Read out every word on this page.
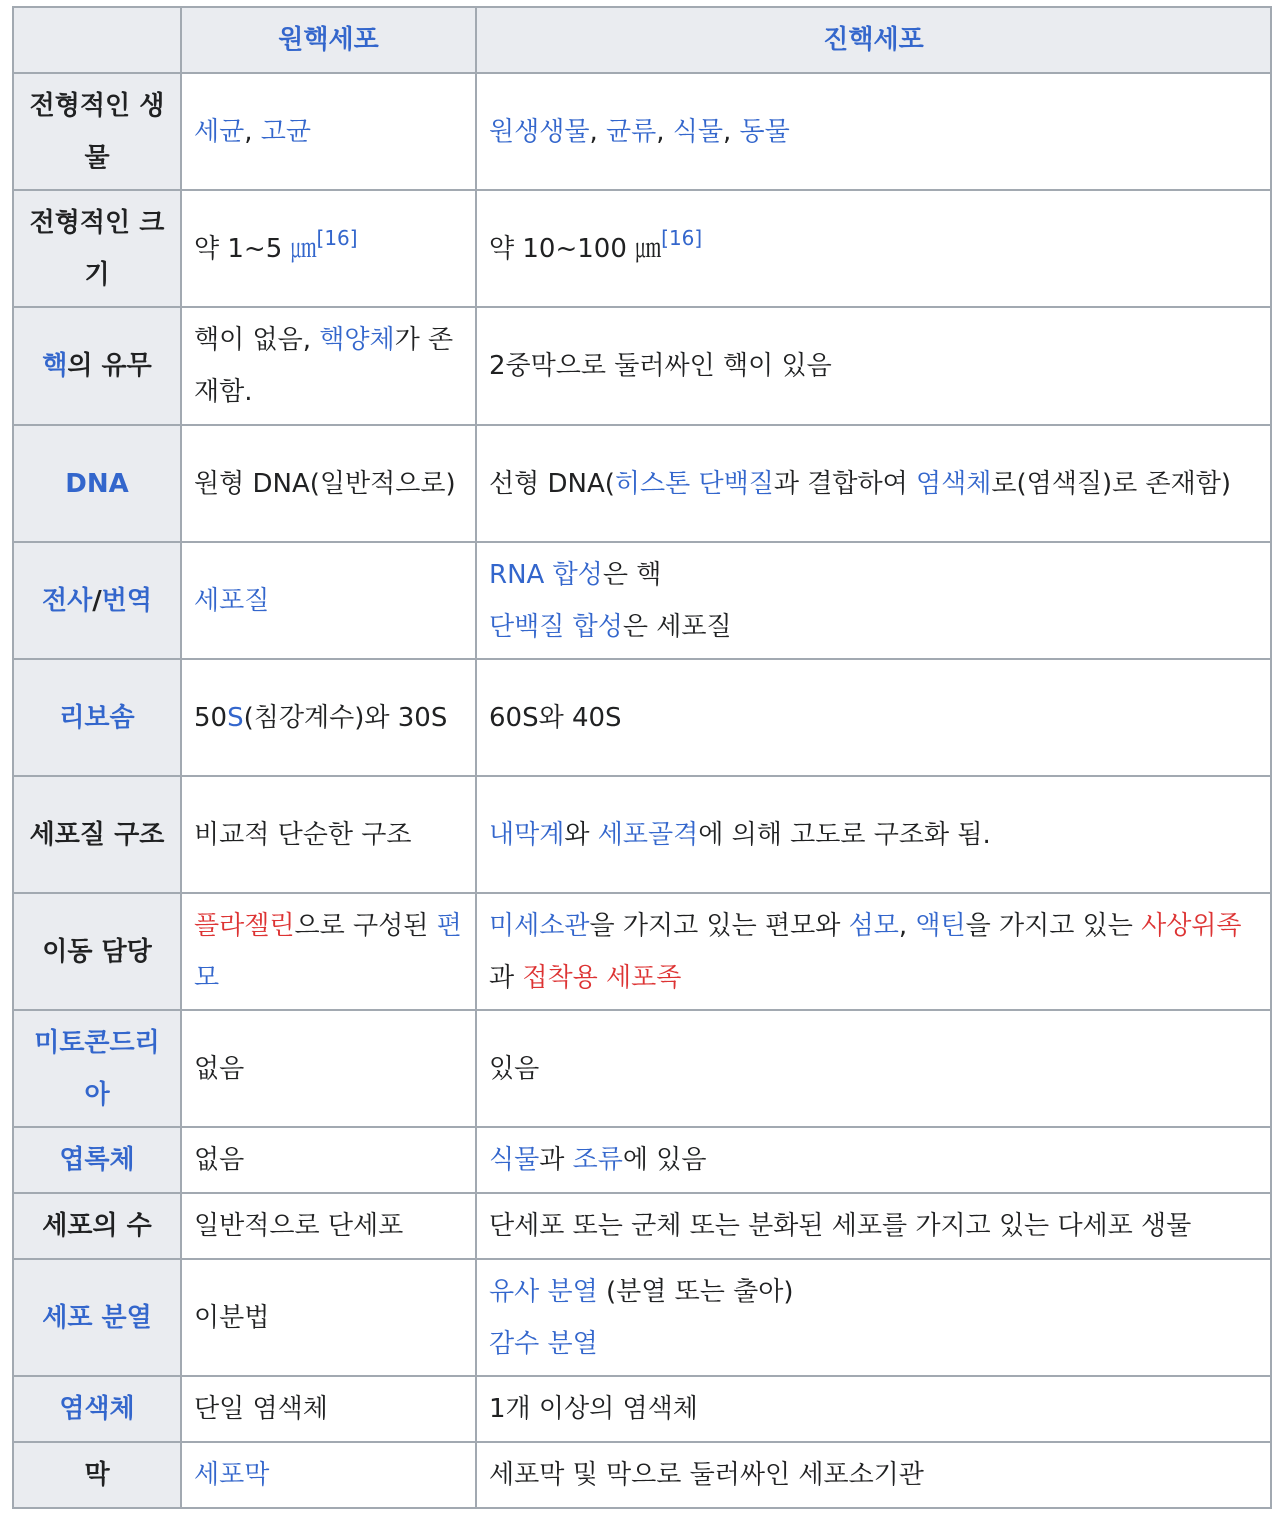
	원핵세포	진핵세포
전형적인 생물	세균, 고균	원생생물, 균류, 식물, 동물
전형적인 크기	약 1~5 ㎛[16]	약 10~100 ㎛[16]
핵의 유무	핵이 없음, 핵양체가 존재함.	2중막으로 둘러싸인 핵이 있음
DNA	원형 DNA(일반적으로)	선형 DNA(히스톤 단백질과 결합하여 염색체로(염색질)로 존재함)
전사/번역	세포질	RNA 합성은 핵
단백질 합성은 세포질
리보솜	50S(침강계수)와 30S	60S와 40S
세포질 구조	비교적 단순한 구조	내막계와 세포골격에 의해 고도로 구조화 됨.
이동 담당	플라젤린으로 구성된 편모	미세소관을 가지고 있는 편모와 섬모, 액틴을 가지고 있는 사상위족과 접착용 세포족
미토콘드리아	없음	있음
엽록체	없음	식물과 조류에 있음
세포의 수	일반적으로 단세포	단세포 또는 군체 또는 분화된 세포를 가지고 있는 다세포 생물
세포 분열	이분법	유사 분열 (분열 또는 출아)
감수 분열
염색체	단일 염색체	1개 이상의 염색체
막	세포막	세포막 및 막으로 둘러싸인 세포소기관
